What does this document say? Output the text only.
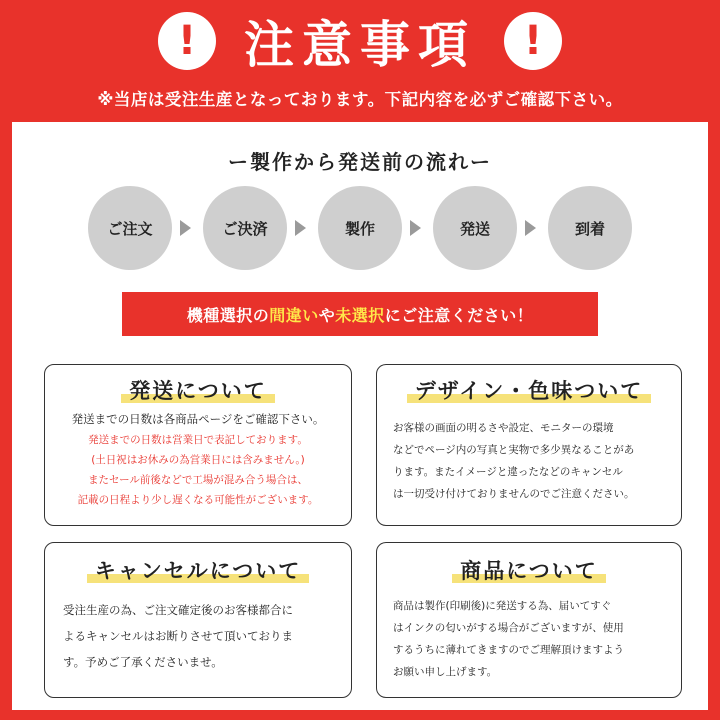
! 注意事項	!
※当店は受注生産となっております。下記内容を必ずご確認下さい。
ー製作から発送前の流れー
ご注文	ご決済	製作	発送	到着
機種選択の 間違い や 未選択 にご注意ください！
発送について
発送までの日数は各商品ページをご確認下さい。
発送までの日数は営業日で表記しております。
(土日祝はお休みの為営業日には含みません。)
またセール前後などで工場が混み合う場合は、
記載の日程より少し遅くなる可能性がございます。
デザイン・色味ついて
お客様の画面の明るさや設定、モニターの環境
などでページ内の写真と実物で多少異なることがあ
ります。またイメージと違ったなどのキャンセル
は一切受け付けておりませんのでご注意ください。
キャンセルについて
受注生産の為、ご注文確定後のお客様都合に
よるキャンセルはお断りさせて頂いておりま
す。予めご了承くださいませ。
商品について
商品は製作(印刷後)に発送する為、届いてすぐ
はインクの匂いがする場合がございますが、使用
するうちに薄れてきますのでご理解頂けますよう
お願い申し上げます。
